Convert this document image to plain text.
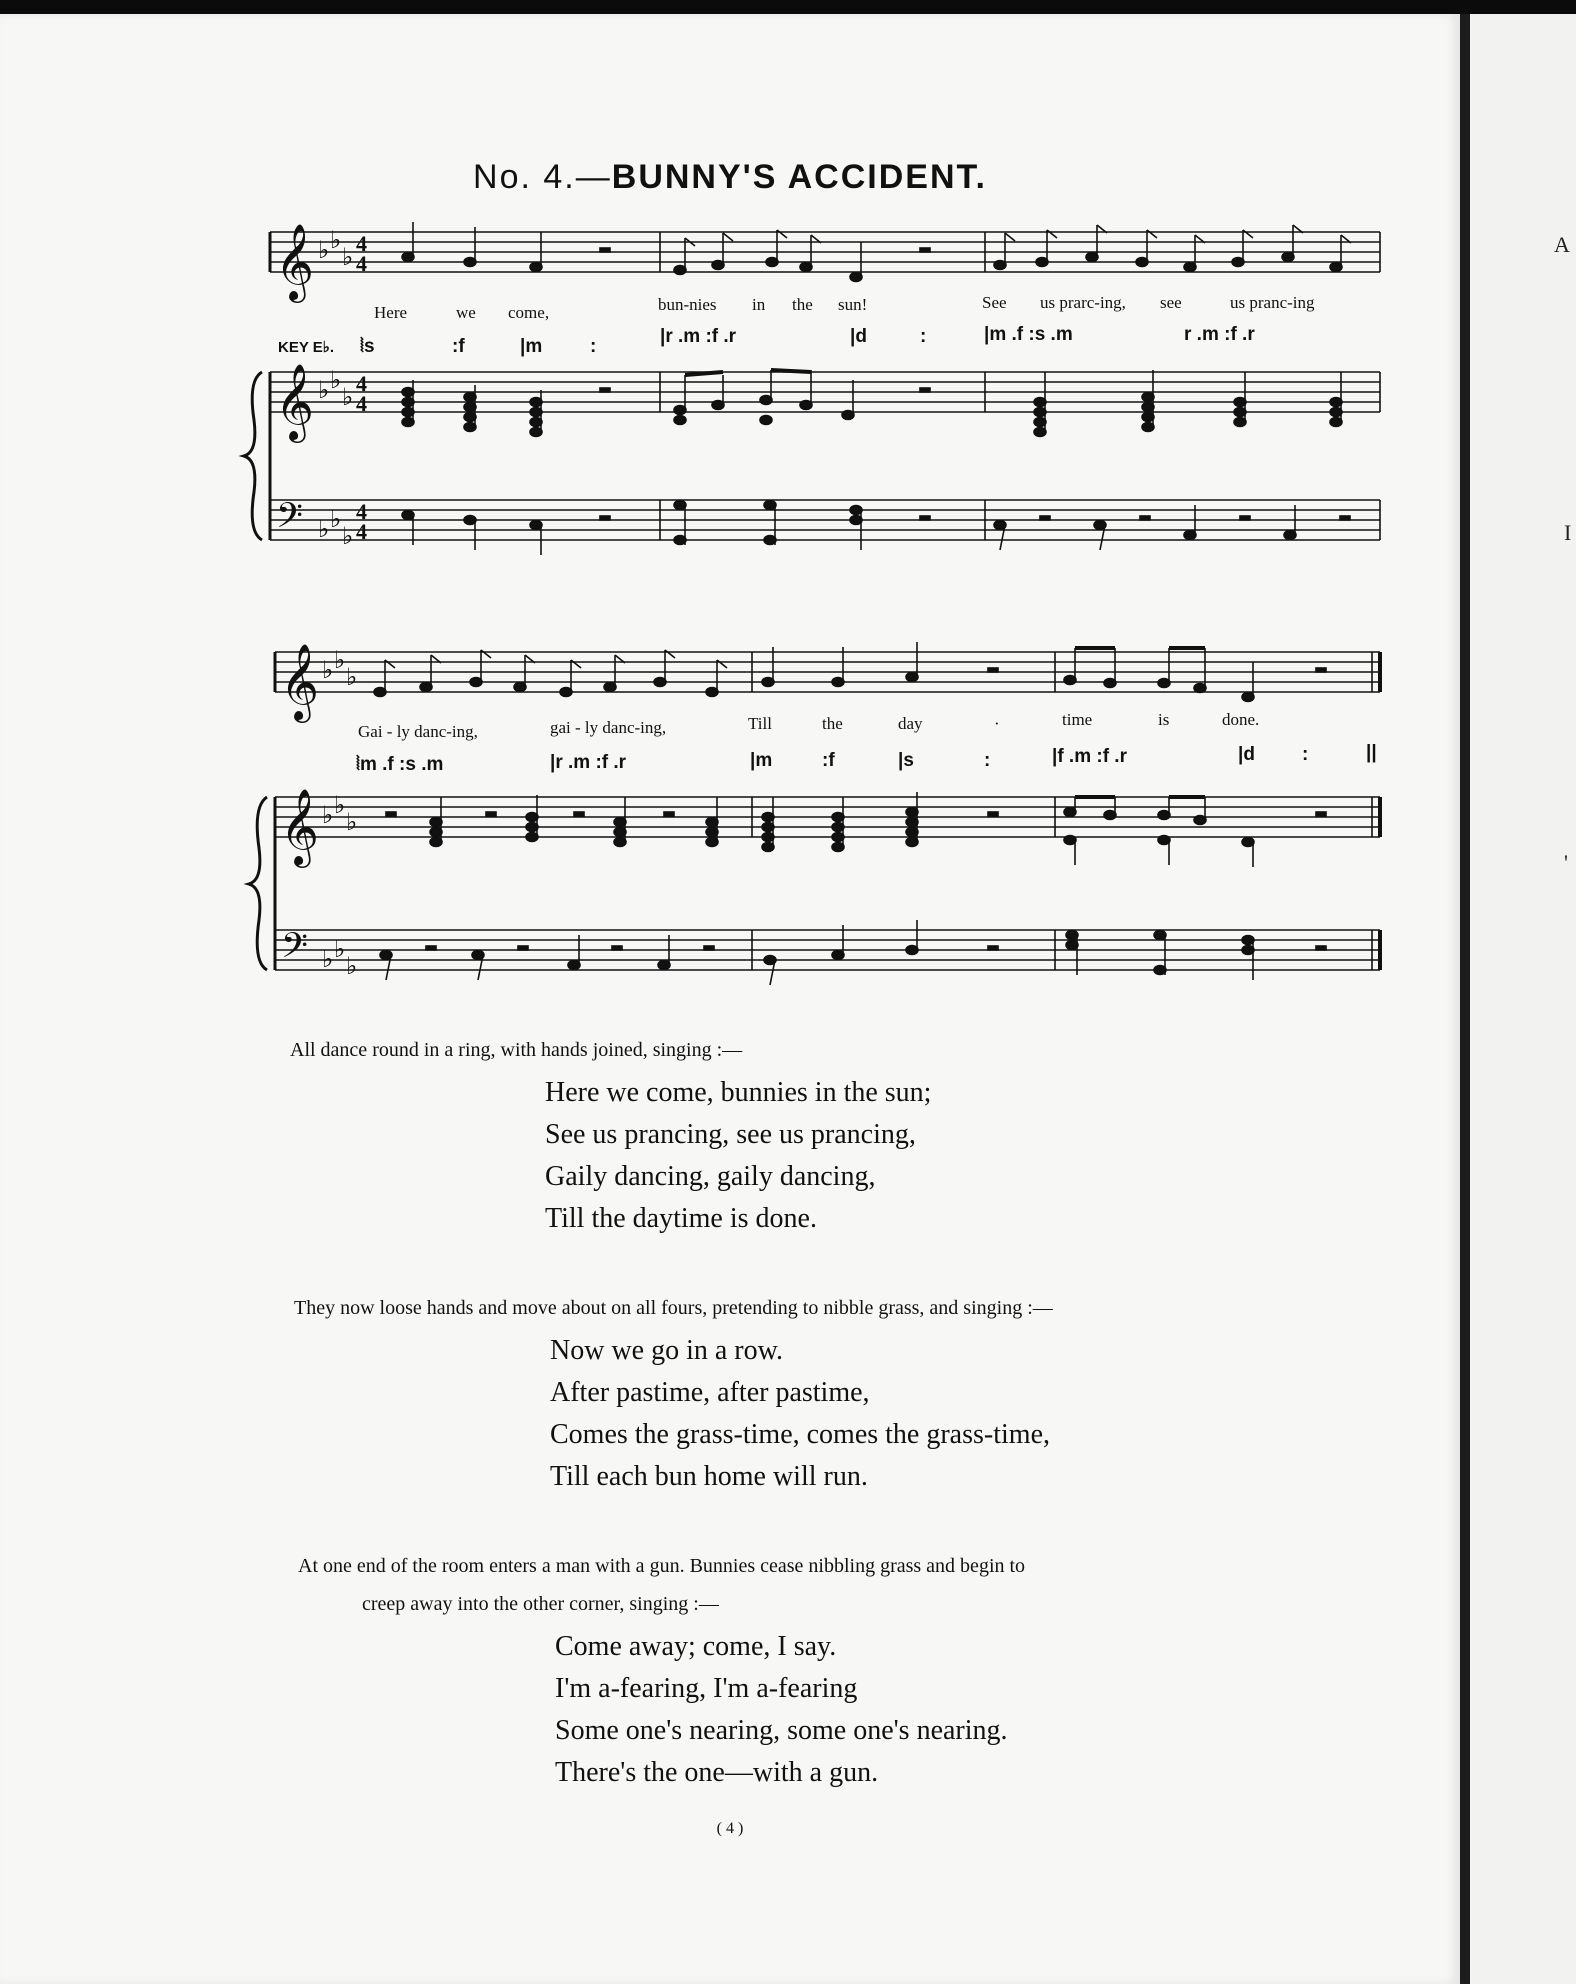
A
I
'
No. 4.—BUNNY'S ACCIDENT.
𝄞 ♭ ♭
♭ 4
4
𝄞 ♭ ♭
♭ 4
4
𝄢 ♭ ♭
♭
4
4
𝄞 ♭ ♭
♭
𝄞 ♭ ♭
♭
𝄢 ♭ ♭
♭
Here	we come,	bun-nies in the sun!	See us prarc-ing, see	us pranc-ing
KEY E♭. ⦚s	:f	|m	:	|r .m :f .r	|d	:	|m .f :s .m	r .m :f .r
Gai - ly danc-ing,	gai - ly danc-ing,	Till	the	day	·	time	is	done.
⦚m .f :s .m	|r .m :f .r	|m	:f	|s	:	|f .m :f .r	|d :	||
All dance round in a ring, with hands joined, singing :—
Here we come, bunnies in the sun;
See us prancing, see us prancing,
Gaily dancing, gaily dancing,
Till the daytime is done.
They now loose hands and move about on all fours, pretending to nibble grass, and singing :—
Now we go in a row.
After pastime, after pastime,
Comes the grass-time, comes the grass-time,
Till each bun home will run.
At one end of the room enters a man with a gun. Bunnies cease nibbling grass and begin to
creep away into the other corner, singing :—
Come away; come, I say.
I'm a-fearing, I'm a-fearing
Some one's nearing, some one's nearing.
There's the one—with a gun.
( 4 )
